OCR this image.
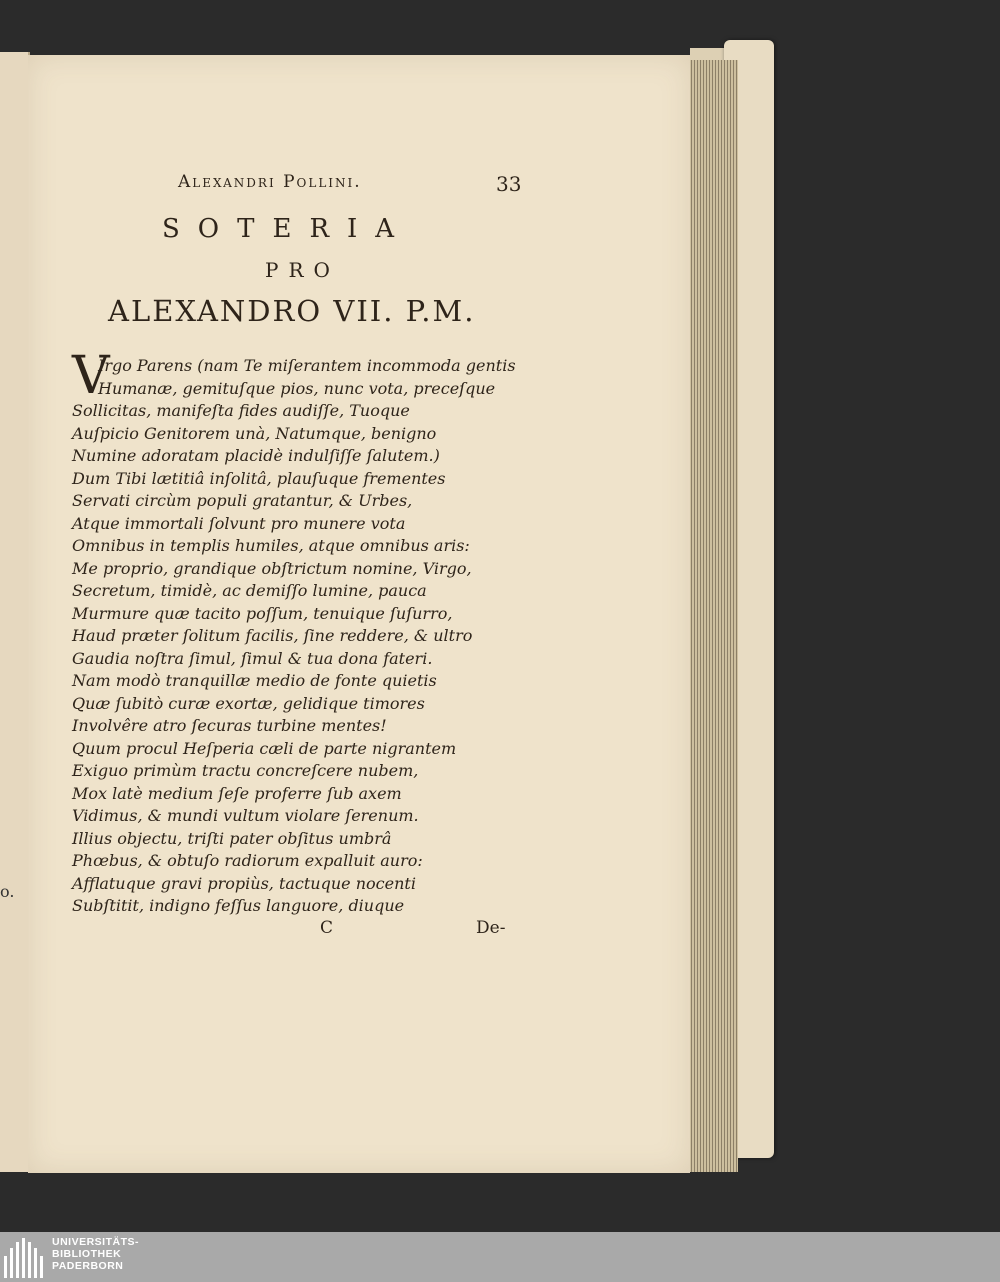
o.
Alexandri Pollini.	33
SOTERIA
PRO
ALEXANDRO VII. P.M.
V
Irgo Parens (nam Te miſerantem incommoda gentis
Humanæ, gemituſque pios, nunc vota, preceſque
Sollicitas, manifeſta fides audiſſe, Tuoque
Auſpicio Genitorem unà, Natumque, benigno
Numine adoratam placidè indulſiſſe ſalutem.)
Dum Tibi lætitiâ inſolitâ, plauſuque frementes
Servati circùm populi gratantur, & Urbes,
Atque immortali ſolvunt pro munere vota
Omnibus in templis humiles, atque omnibus aris:
Me proprio, grandique obſtrictum nomine, Virgo,
Secretum, timidè, ac demiſſo lumine, pauca
Murmure quæ tacito poſſum, tenuique ſuſurro,
Haud præter ſolitum facilis, ſine reddere, & ultro
Gaudia noſtra ſimul, ſimul & tua dona fateri.
Nam modò tranquillæ medio de fonte quietis
Quæ ſubitò curæ exortæ, gelidique timores
Involvêre atro ſecuras turbine mentes!
Quum procul Heſperia cæli de parte nigrantem
Exiguo primùm tractu concreſcere nubem,
Mox latè medium ſeſe proferre ſub axem
Vidimus, & mundi vultum violare ſerenum.
Illius objectu, triſti pater obſitus umbrâ
Phœbus, & obtuſo radiorum expalluit auro:
Afflatuque gravi propiùs, tactuque nocenti
Subſtitit, indigno feſſus languore, diuque
C	De-
UNIVERSITÄTS-
BIBLIOTHEK
PADERBORN
